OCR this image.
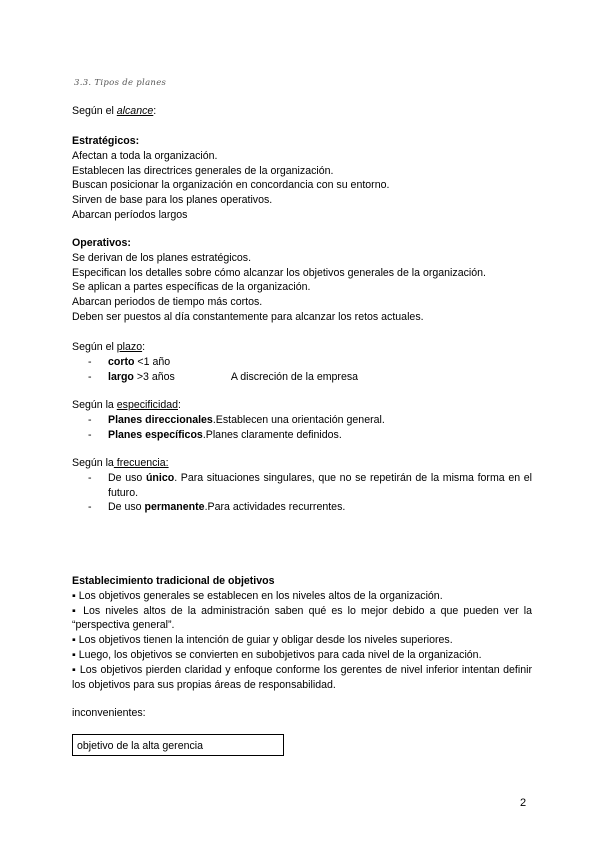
3.3. Tipos de planes
Según el alcance:
Estratégicos:
Afectan a toda la organización.
Establecen las directrices generales de la organización.
Buscan posicionar la organización en concordancia con su entorno.
Sirven de base para los planes operativos.
Abarcan períodos largos
Operativos:
Se derivan de los planes estratégicos.
Especifican los detalles sobre cómo alcanzar los objetivos generales de la organización.
Se aplican a partes específicas de la organización.
Abarcan periodos de tiempo más cortos.
Deben ser puestos al día constantemente para alcanzar los retos actuales.
Según el plazo:
- corto <1 año
- largo >3 años	A discreción de la empresa
Según la especificidad:
- Planes direccionales.Establecen una orientación general.
- Planes específicos.Planes claramente definidos.
Según la frecuencia:
- De uso único. Para situaciones singulares, que no se repetirán de la misma forma en el futuro.
- De uso permanente.Para actividades recurrentes.
Establecimiento tradicional de objetivos
▪ Los objetivos generales se establecen en los niveles altos de la organización.
▪ Los niveles altos de la administración saben qué es lo mejor debido a que pueden ver la “perspectiva general”.
▪ Los objetivos tienen la intención de guiar y obligar desde los niveles superiores.
▪ Luego, los objetivos se convierten en subobjetivos para cada nivel de la organización.
▪ Los objetivos pierden claridad y enfoque conforme los gerentes de nivel inferior intentan definir los objetivos para sus propias áreas de responsabilidad.
inconvenientes:
objetivo de la alta gerencia
2
